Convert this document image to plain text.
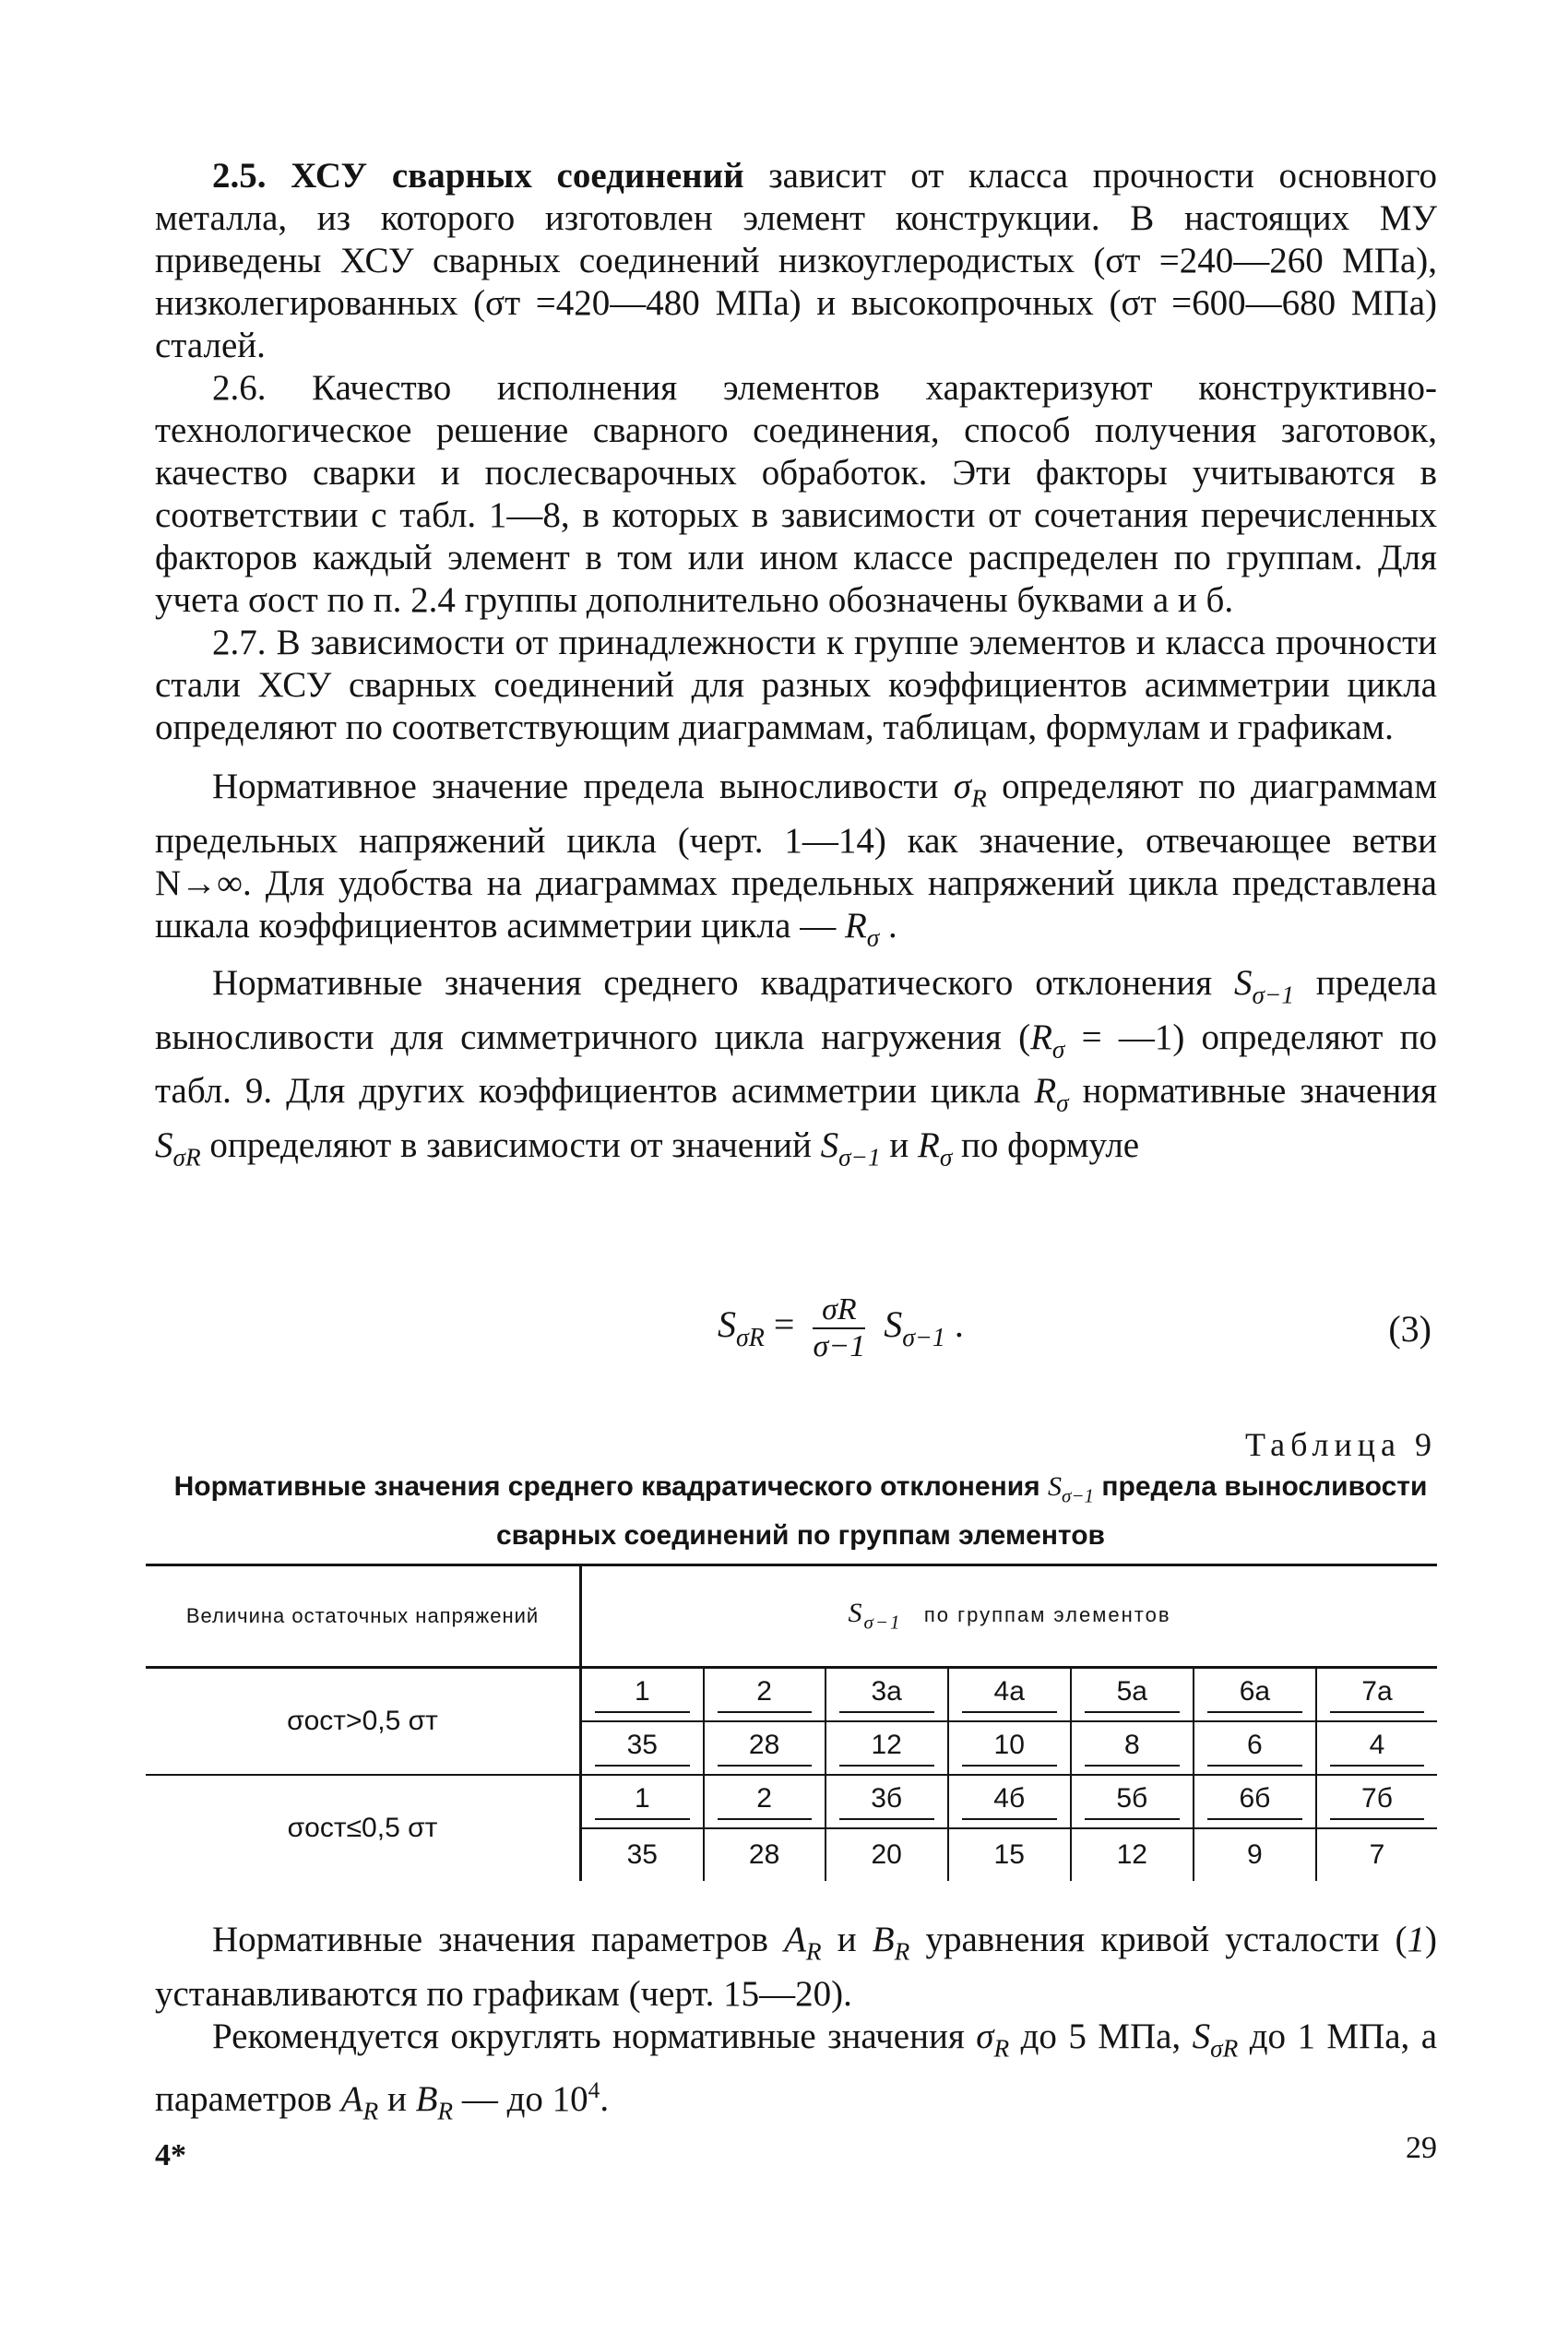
2.5. ХСУ сварных соединений зависит от класса прочности основного металла, из которого изготовлен элемент конструкции. В настоящих МУ приведены ХСУ сварных соединений низкоуглеродистых (σт =240—260 МПа), низколегированных (σт =420—480 МПа) и высокопрочных (σт =600—680 МПа) сталей.

2.6. Качество исполнения элементов характеризуют конструктивно-технологическое решение сварного соединения, способ получения заготовок, качество сварки и послесварочных обработок. Эти факторы учитываются в соответствии с табл. 1—8, в которых в зависимости от сочетания перечисленных факторов каждый элемент в том или ином классе распределен по группам. Для учета σост по п. 2.4 группы дополнительно обозначены буквами а и б.

2.7. В зависимости от принадлежности к группе элементов и класса прочности стали ХСУ сварных соединений для разных коэффициентов асимметрии цикла определяют по соответствующим диаграммам, таблицам, формулам и графикам.

Нормативное значение предела выносливости $\sigma_R$ определяют по диаграммам предельных напряжений цикла (черт. 1—14) как значение, отвечающее ветви N→∞. Для удобства на диаграммах предельных напряжений цикла представлена шкала коэффициентов асимметрии цикла — $R_\sigma$ .

Нормативные значения среднего квадратического отклонения $S_{\sigma-1}$ предела выносливости для симметричного цикла нагружения ($R_\sigma$ = —1) определяют по табл. 9. Для других коэффициентов асимметрии цикла $R_\sigma$ нормативные значения $S_{\sigma R}$ определяют в зависимости от значений $S_{\sigma-1}$ и $R_\sigma$ по формуле

$S_{\sigma R} = \frac{\sigma R}{\sigma-1} S_{\sigma-1}$ .	(3)
Таблица 9
Нормативные значения среднего квадратического отклонения $S_{\sigma-1}$ предела выносливости сварных соединений по группам элементов
Величина остаточных напряжений	$S_{\sigma-1}$ по группам элементов						
σост>0,5 σт	1	2	3а	4а	5а	6а	7а

	35	28	12	10	8	6	4

σост≤0,5 σт	1	2	3б	4б	5б	6б	7б

	35	28	20	15	12	9	7

Нормативные значения параметров $A_R$ и $B_R$ уравнения кривой усталости (1) устанавливаются по графикам (черт. 15—20).

Рекомендуется округлять нормативные значения $\sigma_R$ до 5 МПа, $S_{\sigma R}$ до 1 МПа, а параметров $A_R$ и $B_R$ — до $10^4$.

4*	29
